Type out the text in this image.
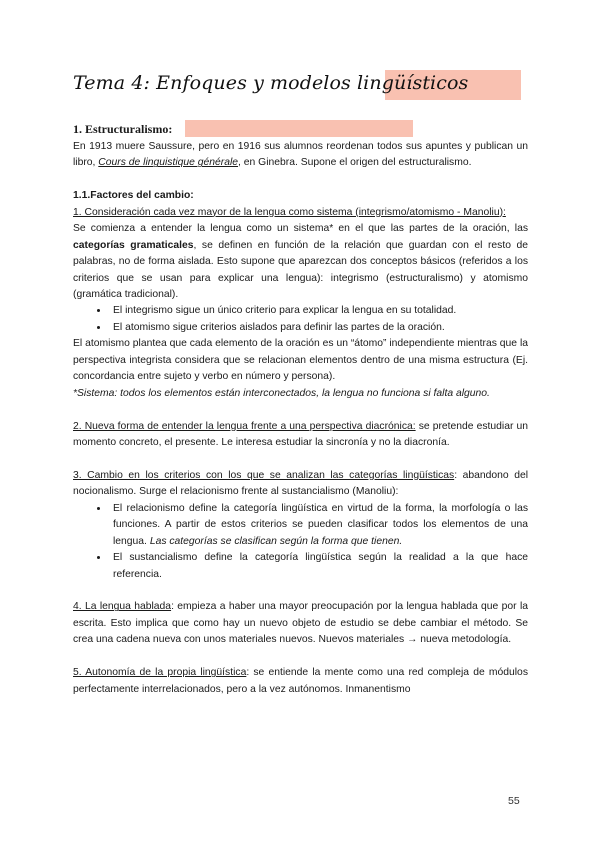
Tema 4: Enfoques y modelos lingüísticos
1. Estructuralismo:

En 1913 muere Saussure, pero en 1916 sus alumnos reordenan todos sus apuntes y publican un libro, Cours de linguistique générale, en Ginebra. Supone el origen del estructuralismo.

1.1.Factores del cambio:

1. Consideración cada vez mayor de la lengua como sistema (integrismo/atomismo - Manoliu):

Se comienza a entender la lengua como un sistema* en el que las partes de la oración, las categorías gramaticales, se definen en función de la relación que guardan con el resto de palabras, no de forma aislada. Esto supone que aparezcan dos conceptos básicos (referidos a los criterios que se usan para explicar una lengua): integrismo (estructuralismo) y atomismo (gramática tradicional).

• El integrismo sigue un único criterio para explicar la lengua en su totalidad.
• El atomismo sigue criterios aislados para definir las partes de la oración.

El atomismo plantea que cada elemento de la oración es un “átomo” independiente mientras que la perspectiva integrista considera que se relacionan elementos dentro de una misma estructura (Ej. concordancia entre sujeto y verbo en número y persona).

*Sistema: todos los elementos están interconectados, la lengua no funciona si falta alguno.

2. Nueva forma de entender la lengua frente a una perspectiva diacrónica: se pretende estudiar un momento concreto, el presente. Le interesa estudiar la sincronía y no la diacronía.

3. Cambio en los criterios con los que se analizan las categorías lingüísticas: abandono del nocionalismo. Surge el relacionismo frente al sustancialismo (Manoliu):

• El relacionismo define la categoría lingüística en virtud de la forma, la morfología o las funciones. A partir de estos criterios se pueden clasificar todos los elementos de una lengua. Las categorías se clasifican según la forma que tienen.
• El sustancialismo define la categoría lingüística según la realidad a la que hace referencia.

4. La lengua hablada: empieza a haber una mayor preocupación por la lengua hablada que por la escrita. Esto implica que como hay un nuevo objeto de estudio se debe cambiar el método. Se crea una cadena nueva con unos materiales nuevos. Nuevos materiales → nueva metodología.

5. Autonomía de la propia lingüística: se entiende la mente como una red compleja de módulos perfectamente interrelacionados, pero a la vez autónomos. Inmanentismo

55
